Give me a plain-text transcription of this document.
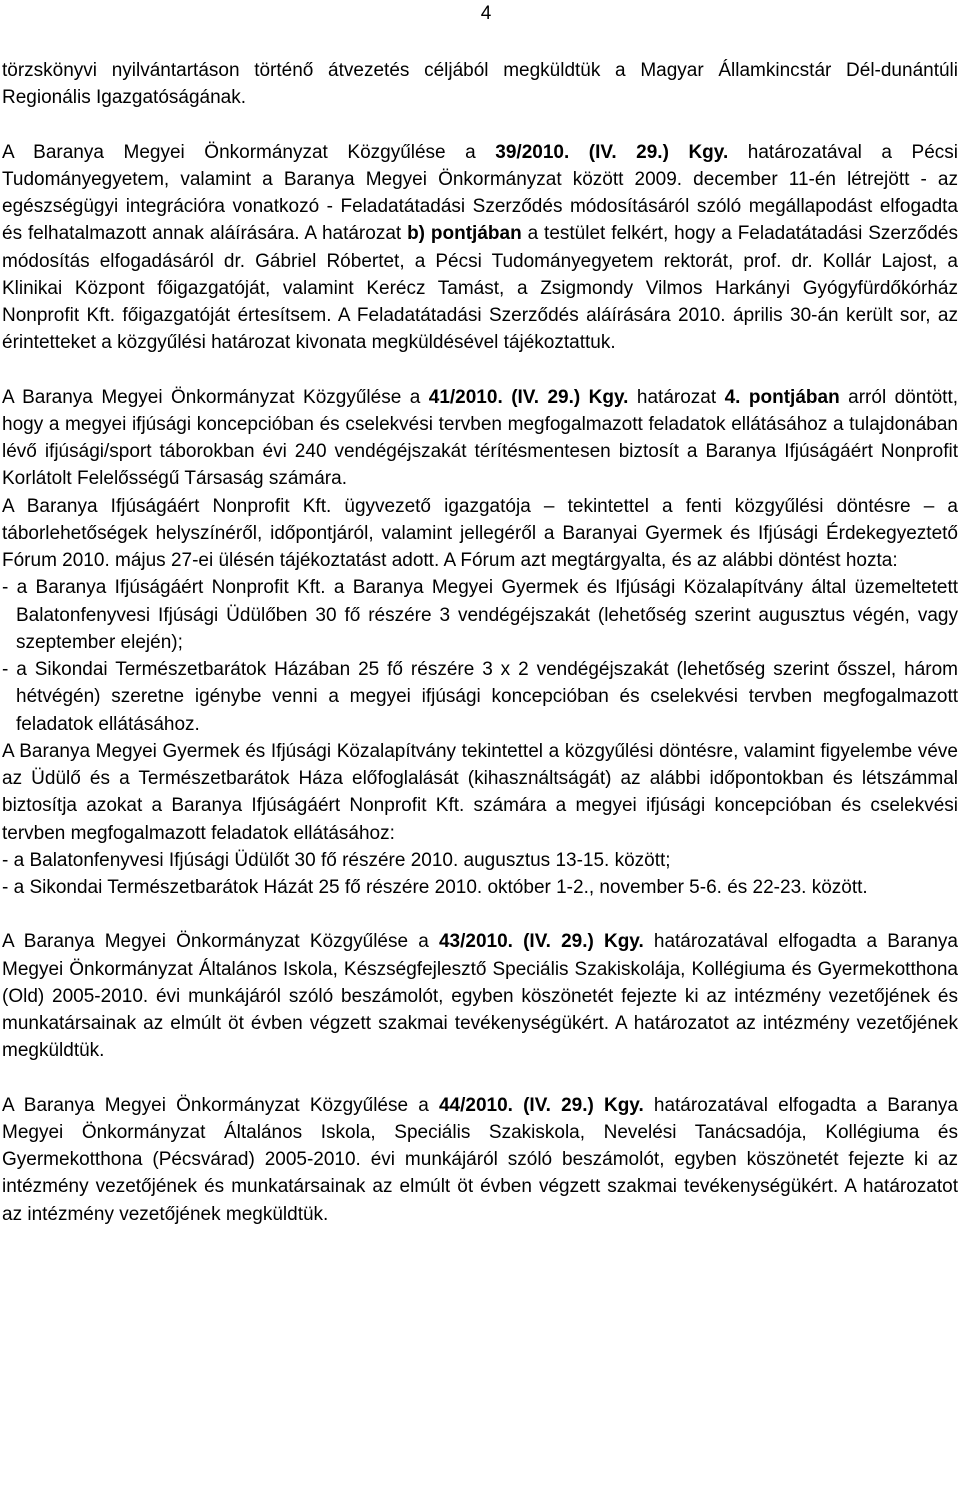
4

törzskönyvi nyilvántartáson történő átvezetés céljából megküldtük a Magyar Államkincstár Dél-dunántúli Regionális Igazgatóságának.

A Baranya Megyei Önkormányzat Közgyűlése a 39/2010. (IV. 29.) Kgy. határozatával a Pécsi Tudományegyetem, valamint a Baranya Megyei Önkormányzat között 2009. december 11-én létrejött - az egészségügyi integrációra vonatkozó - Feladatátadási Szerződés módosításáról szóló megállapodást elfogadta és felhatalmazott annak aláírására. A határozat b) pontjában a testület felkért, hogy a Feladatátadási Szerződés módosítás elfogadásáról dr. Gábriel Róbertet, a Pécsi Tudományegyetem rektorát, prof. dr. Kollár Lajost, a Klinikai Központ főigazgatóját, valamint Kerécz Tamást, a Zsigmondy Vilmos Harkányi Gyógyfürdőkórház Nonprofit Kft. főigazgatóját értesítsem. A Feladatátadási Szerződés aláírására 2010. április 30-án került sor, az érintetteket a közgyűlési határozat kivonata megküldésével tájékoztattuk.

A Baranya Megyei Önkormányzat Közgyűlése a 41/2010. (IV. 29.) Kgy. határozat 4. pontjában arról döntött, hogy a megyei ifjúsági koncepcióban és cselekvési tervben megfogalmazott feladatok ellátásához a tulajdonában lévő ifjúsági/sport táborokban évi 240 vendégéjszakát térítésmentesen biztosít a Baranya Ifjúságáért Nonprofit Korlátolt Felelősségű Társaság számára.

A Baranya Ifjúságáért Nonprofit Kft. ügyvezető igazgatója – tekintettel a fenti közgyűlési döntésre – a táborlehetőségek helyszínéről, időpontjáról, valamint jellegéről a Baranyai Gyermek és Ifjúsági Érdekegyeztető Fórum 2010. május 27-ei ülésén tájékoztatást adott. A Fórum azt megtárgyalta, és az alábbi döntést hozta:

- a Baranya Ifjúságáért Nonprofit Kft. a Baranya Megyei Gyermek és Ifjúsági Közalapítvány által üzemeltetett Balatonfenyvesi Ifjúsági Üdülőben 30 fő részére 3 vendégéjszakát (lehetőség szerint augusztus végén, vagy szeptember elején);

- a Sikondai Természetbarátok Házában 25 fő részére 3 x 2 vendégéjszakát (lehetőség szerint ősszel, három hétvégén) szeretne igénybe venni a megyei ifjúsági koncepcióban és cselekvési tervben megfogalmazott feladatok ellátásához.

A Baranya Megyei Gyermek és Ifjúsági Közalapítvány tekintettel a közgyűlési döntésre, valamint figyelembe véve az Üdülő és a Természetbarátok Háza előfoglalását (kihasználtságát) az alábbi időpontokban és létszámmal biztosítja azokat a Baranya Ifjúságáért Nonprofit Kft. számára a megyei ifjúsági koncepcióban és cselekvési tervben megfogalmazott feladatok ellátásához:

- a Balatonfenyvesi Ifjúsági Üdülőt 30 fő részére 2010. augusztus 13-15. között;

- a Sikondai Természetbarátok Házát 25 fő részére 2010. október 1-2., november 5-6. és 22-23. között.

A Baranya Megyei Önkormányzat Közgyűlése a 43/2010. (IV. 29.) Kgy. határozatával elfogadta a Baranya Megyei Önkormányzat Általános Iskola, Készségfejlesztő Speciális Szakiskolája, Kollégiuma és Gyermekotthona (Old) 2005-2010. évi munkájáról szóló beszámolót, egyben köszönetét fejezte ki az intézmény vezetőjének és munkatársainak az elmúlt öt évben végzett szakmai tevékenységükért. A határozatot az intézmény vezetőjének megküldtük.

A Baranya Megyei Önkormányzat Közgyűlése a 44/2010. (IV. 29.) Kgy. határozatával elfogadta a Baranya Megyei Önkormányzat Általános Iskola, Speciális Szakiskola, Nevelési Tanácsadója, Kollégiuma és Gyermekotthona (Pécsvárad) 2005-2010. évi munkájáról szóló beszámolót, egyben köszönetét fejezte ki az intézmény vezetőjének és munkatársainak az elmúlt öt évben végzett szakmai tevékenységükért. A határozatot az intézmény vezetőjének megküldtük.
